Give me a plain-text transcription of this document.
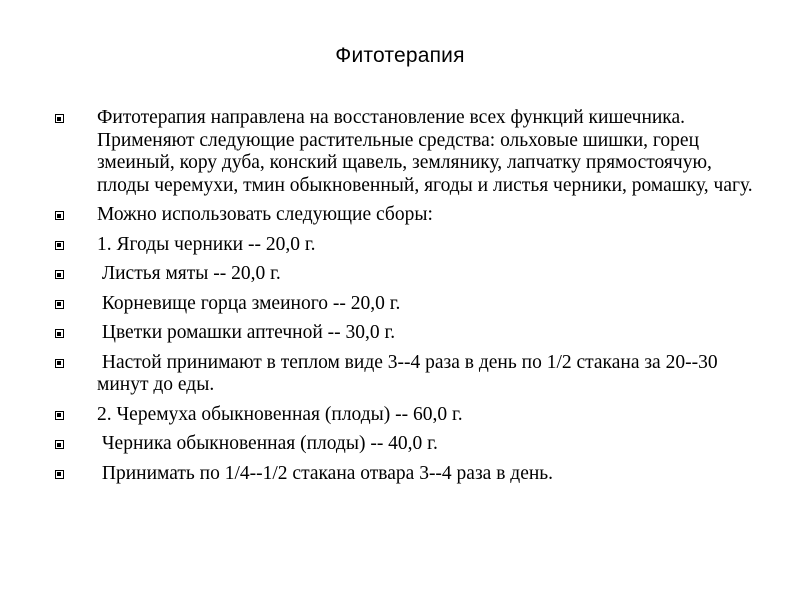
Фитотерапия
Фитотерапия направлена на восстановление всех функций кишечника. Применяют следующие растительные средства: ольховые шишки, горец змеиный, кору дуба, конский щавель, землянику, лапчатку прямостоячую, плоды черемухи, тмин обыкновенный, ягоды и листья черники, ромашку, чагу.
Можно использовать следующие сборы:
1. Ягоды черники -- 20,0 г.
Листья мяты -- 20,0 г.
Корневище горца змеиного -- 20,0 г.
Цветки ромашки аптечной -- 30,0 г.
Настой принимают в теплом виде 3--4 раза в день по 1/2 стакана за 20--30 минут до еды.
2. Черемуха обыкновенная (плоды) -- 60,0 г.
Черника обыкновенная (плоды) -- 40,0 г.
Принимать по 1/4--1/2 стакана отвара 3--4 раза в день.
